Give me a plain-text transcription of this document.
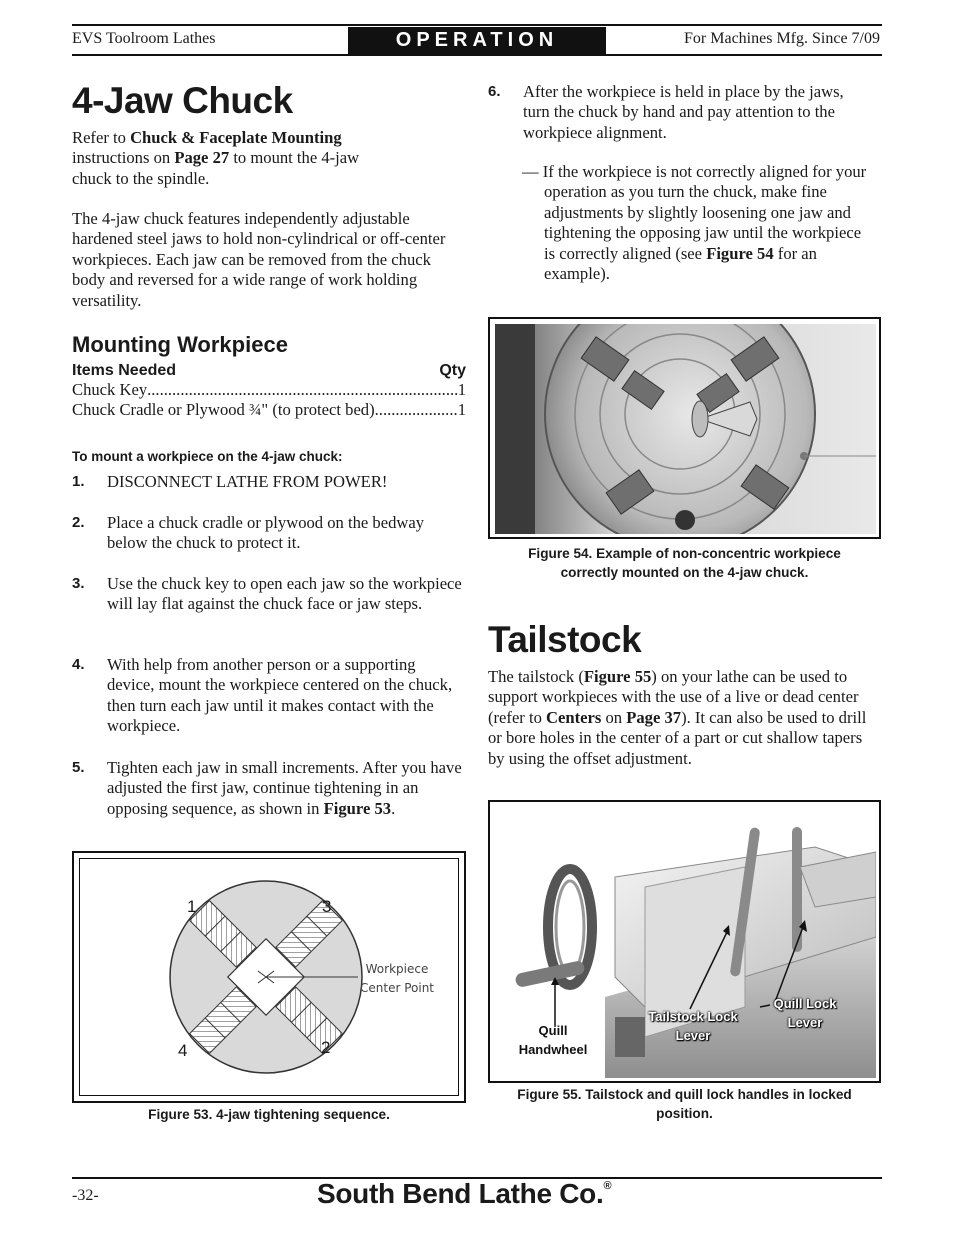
EVS Toolroom Lathes	OPERATION	For Machines Mfg. Since 7/09
4-Jaw Chuck
Refer to Chuck & Faceplate Mounting
instructions on Page 27 to mount the 4-jaw
chuck to the spindle.
The 4-jaw chuck features independently adjustable hardened steel jaws to hold non-cylindrical or off-center workpieces. Each jaw can be removed from the chuck body and reversed for a wide range of work holding versatility.
Mounting Workpiece
Items Needed	Qty
Chuck Key .....	1
Chuck Cradle or Plywood ¾" (to protect bed) .....	1
To mount a workpiece on the 4-jaw chuck:
1. DISCONNECT LATHE FROM POWER!
2. Place a chuck cradle or plywood on the bedway below the chuck to protect it.
3. Use the chuck key to open each jaw so the workpiece will lay flat against the chuck face or jaw steps.
4. With help from another person or a supporting device, mount the workpiece centered on the chuck, then turn each jaw until it makes contact with the workpiece.
5. Tighten each jaw in small increments. After you have adjusted the first jaw, continue tightening in an opposing sequence, as shown in Figure 53.
1	3
4	2
Workpiece
Center Point
Figure 53. 4-jaw tightening sequence.
6. After the workpiece is held in place by the jaws, turn the chuck by hand and pay attention to the workpiece alignment.
— If the workpiece is not correctly aligned for your operation as you turn the chuck, make fine adjustments by slightly loosening one jaw and tightening the opposing jaw until the workpiece is correctly aligned (see Figure 54 for an example).
Figure 54. Example of non-concentric workpiece
correctly mounted on the 4-jaw chuck.
Tailstock
The tailstock (Figure 55) on your lathe can be used to support workpieces with the use of a live or dead center (refer to Centers on Page 37). It can also be used to drill or bore holes in the center of a part or cut shallow tapers by using the offset adjustment.
Quill
Handwheel
Tailstock Lock
Lever
Quill Lock
Lever
Figure 55. Tailstock and quill lock handles in locked
position.
-32-	South Bend Lathe Co.®
